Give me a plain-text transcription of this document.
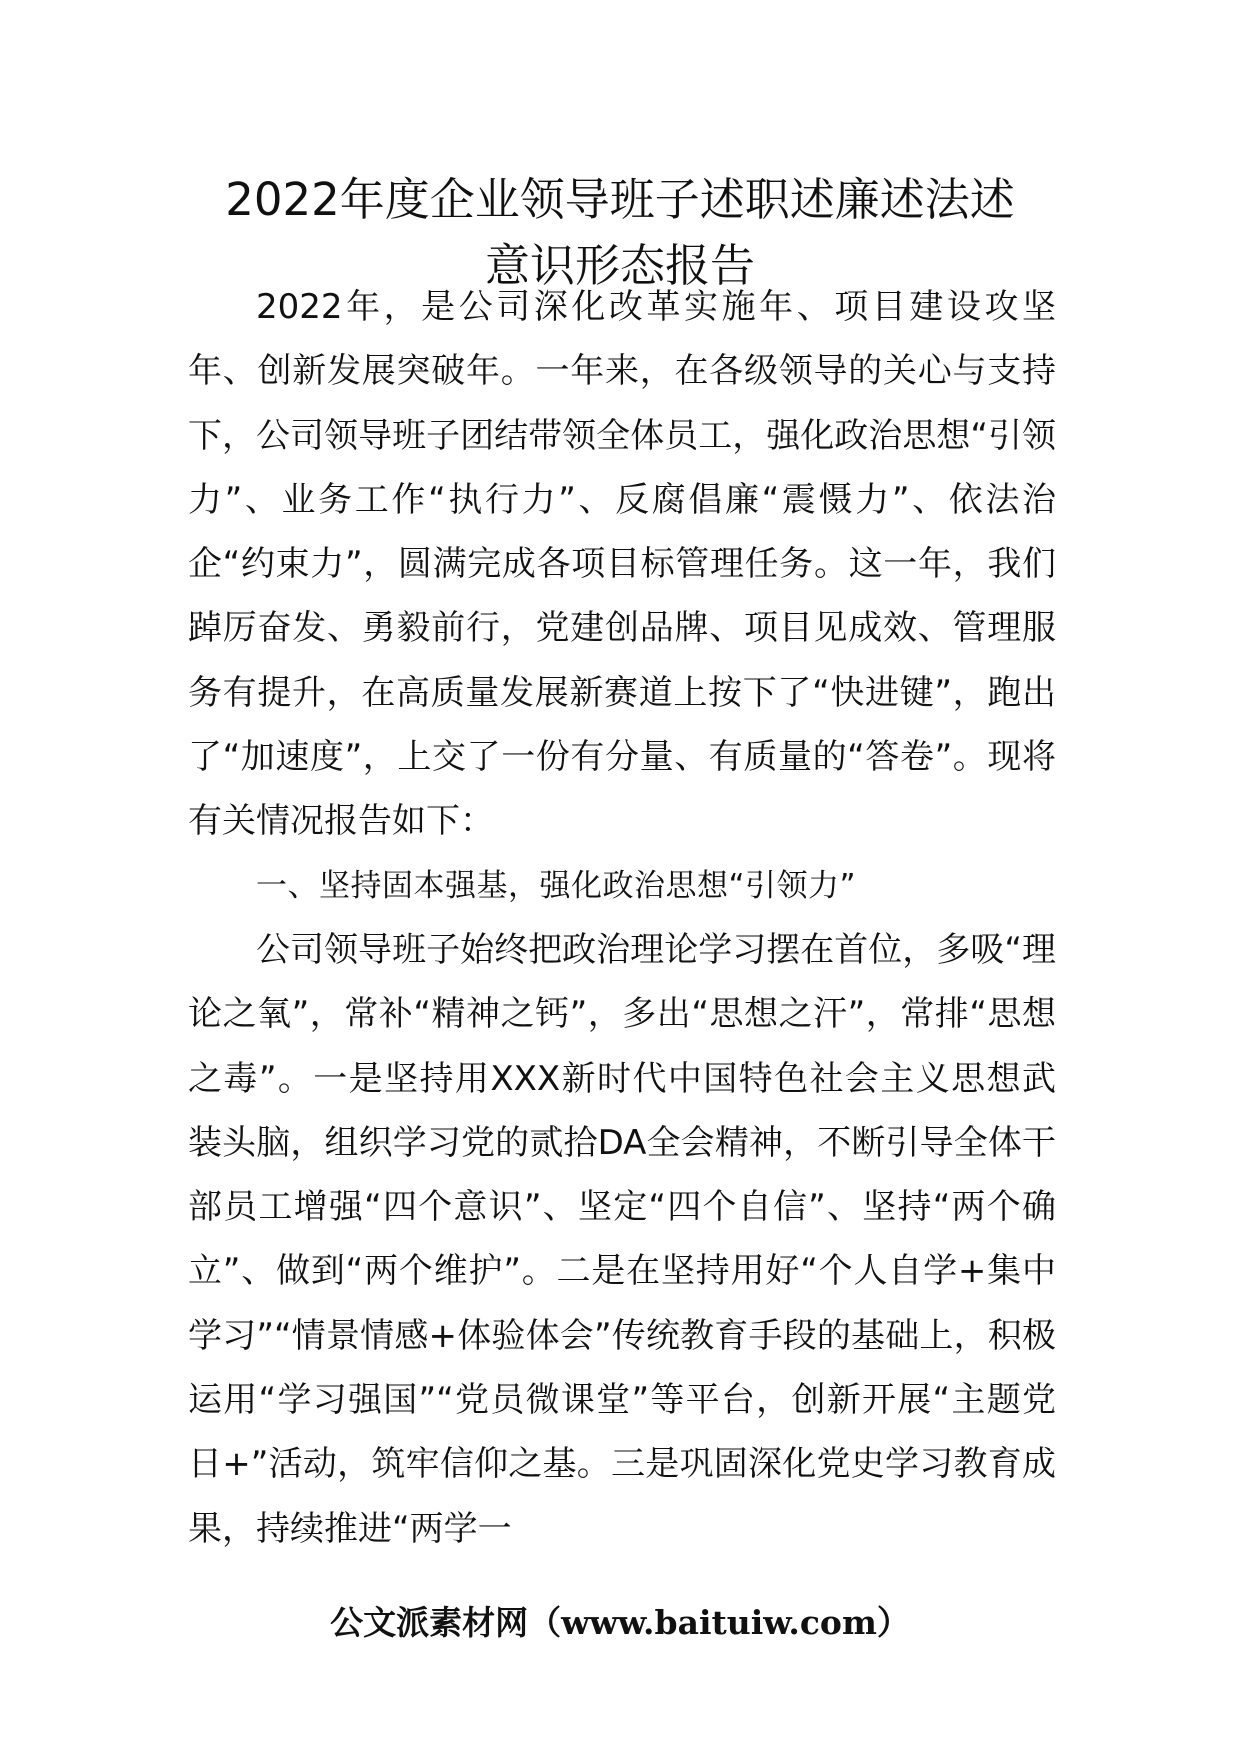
2022年度企业领导班子述职述廉述法述
意识形态报告

2022年，是公司深化改革实施年、项目建设攻坚年、创新发展突破年。一年来，在各级领导的关心与支持下，公司领导班子团结带领全体员工，强化政治思想“引领力”、业务工作“执行力”、反腐倡廉“震慑力”、依法治企“约束力”，圆满完成各项目标管理任务。这一年，我们踔厉奋发、勇毅前行，党建创品牌、项目见成效、管理服务有提升，在高质量发展新赛道上按下了“快进键”，跑出了“加速度”，上交了一份有分量、有质量的“答卷”。现将有关情况报告如下：

一、坚持固本强基，强化政治思想“引领力”

公司领导班子始终把政治理论学习摆在首位，多吸“理论之氧”，常补“精神之钙”，多出“思想之汗”，常排“思想之毒”。一是坚持用XXX新时代中国特色社会主义思想武装头脑，组织学习党的贰拾DA全会精神，不断引导全体干部员工增强“四个意识”、坚定“四个自信”、坚持“两个确立”、做到“两个维护”。二是在坚持用好“个人自学+集中学习”“情景情感+体验体会”传统教育手段的基础上，积极运用“学习强国”“党员微课堂”等平台，创新开展“主题党日+”活动，筑牢信仰之基。三是巩固深化党史学习教育成果，持续推进“两学一

公文派素材网（www.baituiw.com）
